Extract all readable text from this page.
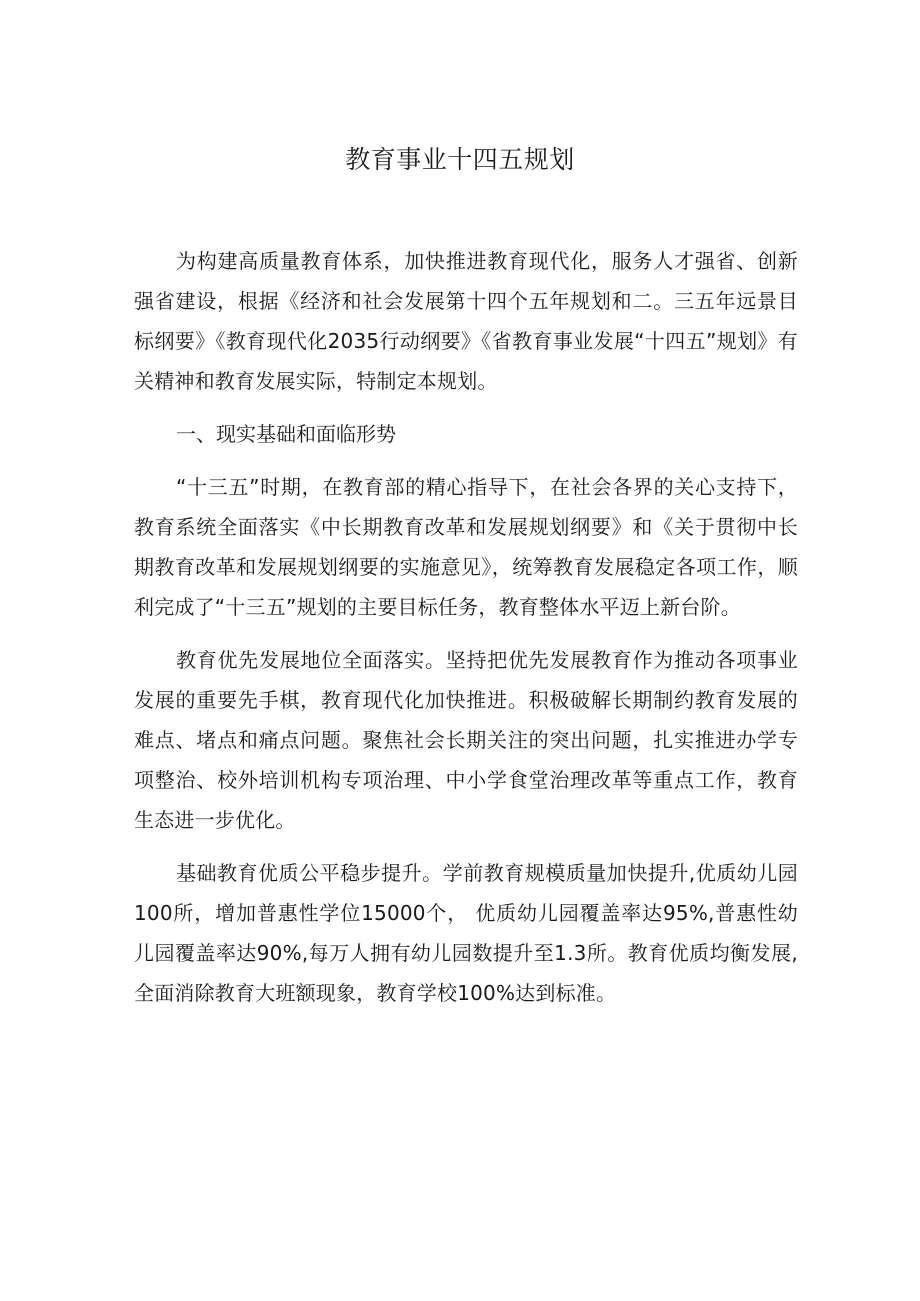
教育事业十四五规划

为构建高质量教育体系，加快推进教育现代化，服务人才强省、创新强省建设，根据《经济和社会发展第十四个五年规划和二。三五年远景目标纲要》《教育现代化2035行动纲要》《省教育事业发展“十四五”规划》有关精神和教育发展实际，特制定本规划。

一、现实基础和面临形势

“十三五”时期，在教育部的精心指导下，在社会各界的关心支持下，教育系统全面落实《中长期教育改革和发展规划纲要》和《关于贯彻中长期教育改革和发展规划纲要的实施意见》，统筹教育发展稳定各项工作，顺利完成了“十三五”规划的主要目标任务，教育整体水平迈上新台阶。

教育优先发展地位全面落实。坚持把优先发展教育作为推动各项事业发展的重要先手棋，教育现代化加快推进。积极破解长期制约教育发展的难点、堵点和痛点问题。聚焦社会长期关注的突出问题，扎实推进办学专项整治、校外培训机构专项治理、中小学食堂治理改革等重点工作，教育生态进一步优化。

基础教育优质公平稳步提升。学前教育规模质量加快提升,优质幼儿园100所，增加普惠性学位15000个， 优质幼儿园覆盖率达95%,普惠性幼儿园覆盖率达90%,每万人拥有幼儿园数提升至1.3所。教育优质均衡发展,全面消除教育大班额现象，教育学校100%达到标准。
